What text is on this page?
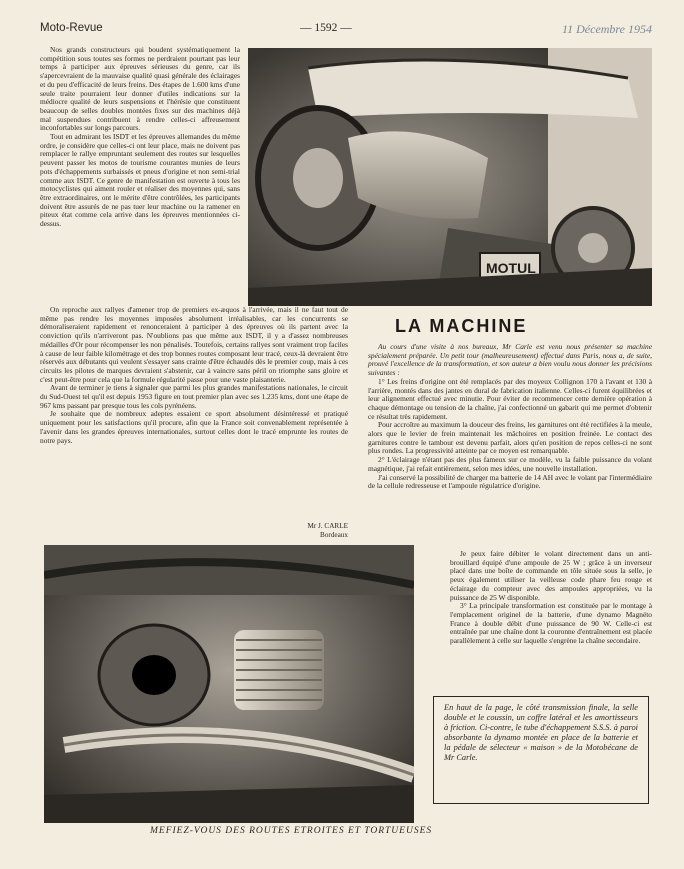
Moto-Revue	— 1592 —	11 Décembre 1954

Nos grands constructeurs qui boudent systématiquement la compétition sous toutes ses formes ne perdraient pourtant pas leur temps à participer aux épreuves sérieuses du genre, car ils s'apercevraient de la mauvaise qualité quasi générale des éclairages et du peu d'efficacité de leurs freins. Des étapes de 1.600 kms d'une seule traite pourraient leur donner d'utiles indications sur la médiocre qualité de leurs suspensions et l'hérésie que constituent beaucoup de selles doubles montées fixes sur des machines déjà mal suspendues contribuent à rendre celles-ci affreusement inconfortables sur longs parcours.

Tout en admirant les ISDT et les épreuves allemandes du même ordre, je considère que celles-ci ont leur place, mais ne doivent pas remplacer le rallye empruntant seulement des routes sur lesquelles peuvent passer les motos de tourisme courantes munies de leurs pots d'échappements surbaissés et pneus d'origine et non semi-trial comme aux ISDT. Ce genre de manifestation est ouverte à tous les motocyclistes qui aiment rouler et réaliser des moyennes qui, sans être extraordinaires, ont le mérite d'être contrôlées, les participants doivent être assurés de ne pas tuer leur machine ou la ramener en piteux état comme cela arrive dans les épreuves mentionnées ci-dessus.

MOTUL

On reproche aux rallyes d'amener trop de premiers ex-æquos à l'arrivée, mais il ne faut tout de même pas rendre les moyennes imposées absolument irréalisables, car les concurrents se démoraliseraient rapidement et renonceraient à participer à des épreuves où ils partent avec la conviction qu'ils n'arriveront pas. N'oublions pas que même aux ISDT, il y a d'assez nombreuses médailles d'Or pour récompenser les non pénalisés. Toutefois, certains rallyes sont vraiment trop faciles à cause de leur faible kilométrage et des trop bonnes routes composant leur tracé, ceux-là devraient être réservés aux débutants qui veulent s'essayer sans crainte d'être échaudés dès le premier coup, mais à ces circuits les pilotes de marques devraient s'abstenir, car à vaincre sans péril on triomphe sans gloire et c'est peut-être pour cela que la formule régularité passe pour une vaste plaisanterie.

Avant de terminer je tiens à signaler que parmi les plus grandes manifestations nationales, le circuit du Sud-Ouest tel qu'il est depuis 1953 figure en tout premier plan avec ses 1.235 kms, dont une étape de 967 kms passant par presque tous les cols pyrénéens.

Je souhaite que de nombreux adeptes essaient ce sport absolument désintéressé et pratiqué uniquement pour les satisfactions qu'il procure, afin que la France soit convenablement représentée à l'avenir dans les grandes épreuves internationales, surtout celles dont le tracé emprunte les routes de notre pays.

Mr J. CARLE
Bordeaux
LA MACHINE

Au cours d'une visite à nos bureaux, Mr Carle est venu nous présenter sa machine spécialement préparée. Un petit tour (malheureusement) effectué dans Paris, nous a, de suite, prouvé l'excellence de la transformation, et son auteur a bien voulu nous donner les précisions suivantes :

1° Les freins d'origine ont été remplacés par des moyeux Collignon 170 à l'avant et 130 à l'arrière, montés dans des jantes en dural de fabrication italienne. Celles-ci furent équilibrées et leur alignement effectué avec minutie. Pour éviter de recommencer cette dernière opération à chaque démontage ou tension de la chaîne, j'ai confectionné un gabarit qui me permet d'obtenir ce résultat très rapidement.

Pour accroître au maximum la douceur des freins, les garnitures ont été rectifiées à la meule, alors que le levier de frein maintenait les mâchoires en position freinée. Le contact des garnitures contre le tambour est devenu parfait, alors qu'en position de repos celles-ci ne sont plus rondes. La progressivité atteinte par ce moyen est remarquable.

2° L'éclairage n'étant pas des plus fameux sur ce modèle, vu la faible puissance du volant magnétique, j'ai refait entièrement, selon mes idées, une nouvelle installation.

J'ai conservé la possibilité de charger ma batterie de 14 AH avec le volant par l'intermédiaire de la cellule redresseuse et l'ampoule régulatrice d'origine.

Je peux faire débiter le volant directement dans un anti-brouillard équipé d'une ampoule de 25 W ; grâce à un inverseur placé dans une boîte de commande en tôle située sous la selle, je peux également utiliser la veilleuse code phare feu rouge et éclairage du compteur avec des ampoules appropriées, vu la puissance de 25 W disponible.

3° La principale transformation est constituée par le montage à l'emplacement originel de la batterie, d'une dynamo Magnéto France à double débit d'une puissance de 90 W. Celle-ci est entraînée par une chaîne dont la couronne d'entraînement est placée parallèlement à celle sur laquelle s'engrène la chaîne secondaire.

En haut de la page, le côté transmission finale, la selle double et le coussin, un coffre latéral et les amortisseurs à friction. Ci-contre, le tube d'échappement S.S.S. à paroi absorbante la dynamo montée en place de la batterie et la pédale de sélecteur « maison » de la Motobécane de Mr Carle.
MEFIEZ-VOUS DES ROUTES ETROITES ET TORTUEUSES
